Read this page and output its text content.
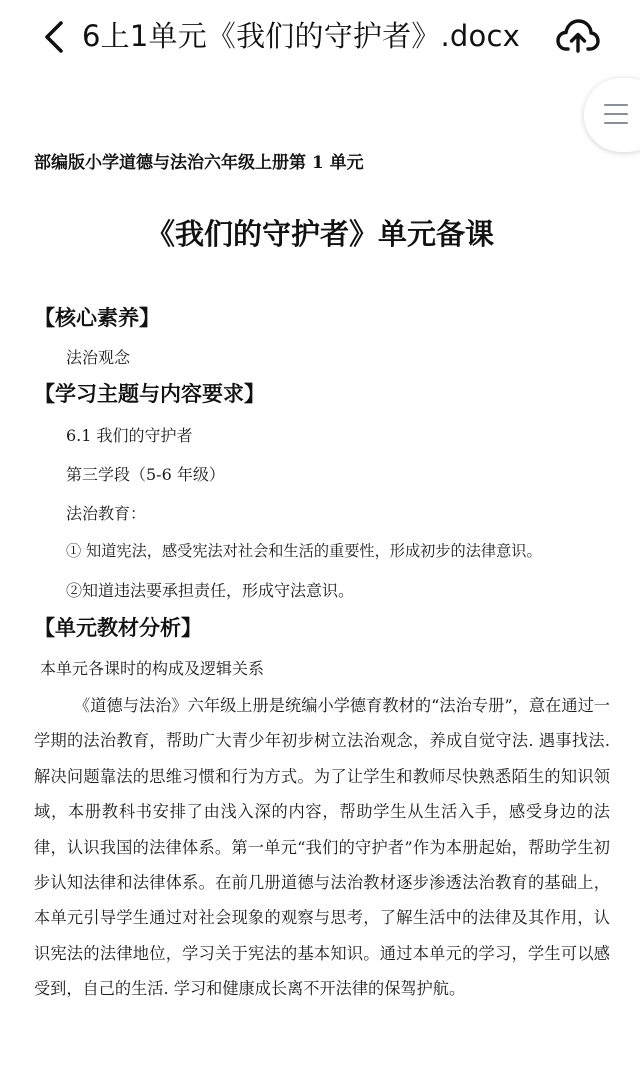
部编版小学道德与法治六年级上册第 1 单元
《我们的守护者》单元备课
【核心素养】
法治观念
【学习主题与内容要求】
6.1 我们的守护者
第三学段（5-6 年级）
法治教育：
① 知道宪法，感受宪法对社会和生活的重要性，形成初步的法律意识。
②知道违法要承担责任，形成守法意识。
【单元教材分析】
本单元各课时的构成及逻辑关系
《道德与法治》六年级上册是统编小学德育教材的“法治专册”，意在通过一学期的法治教育，帮助广大青少年初步树立法治观念，养成自觉守法. 遇事找法. 解决问题靠法的思维习惯和行为方式。为了让学生和教师尽快熟悉陌生的知识领域，本册教科书安排了由浅入深的内容，帮助学生从生活入手，感受身边的法律，认识我国的法律体系。第一单元“我们的守护者”作为本册起始，帮助学生初步认知法律和法律体系。在前几册道德与法治教材逐步渗透法治教育的基础上，本单元引导学生通过对社会现象的观察与思考，了解生活中的法律及其作用，认识宪法的法律地位，学习关于宪法的基本知识。通过本单元的学习，学生可以感受到，自己的生活. 学习和健康成长离不开法律的保驾护航。
6上1单元《我们的守护者》.docx
